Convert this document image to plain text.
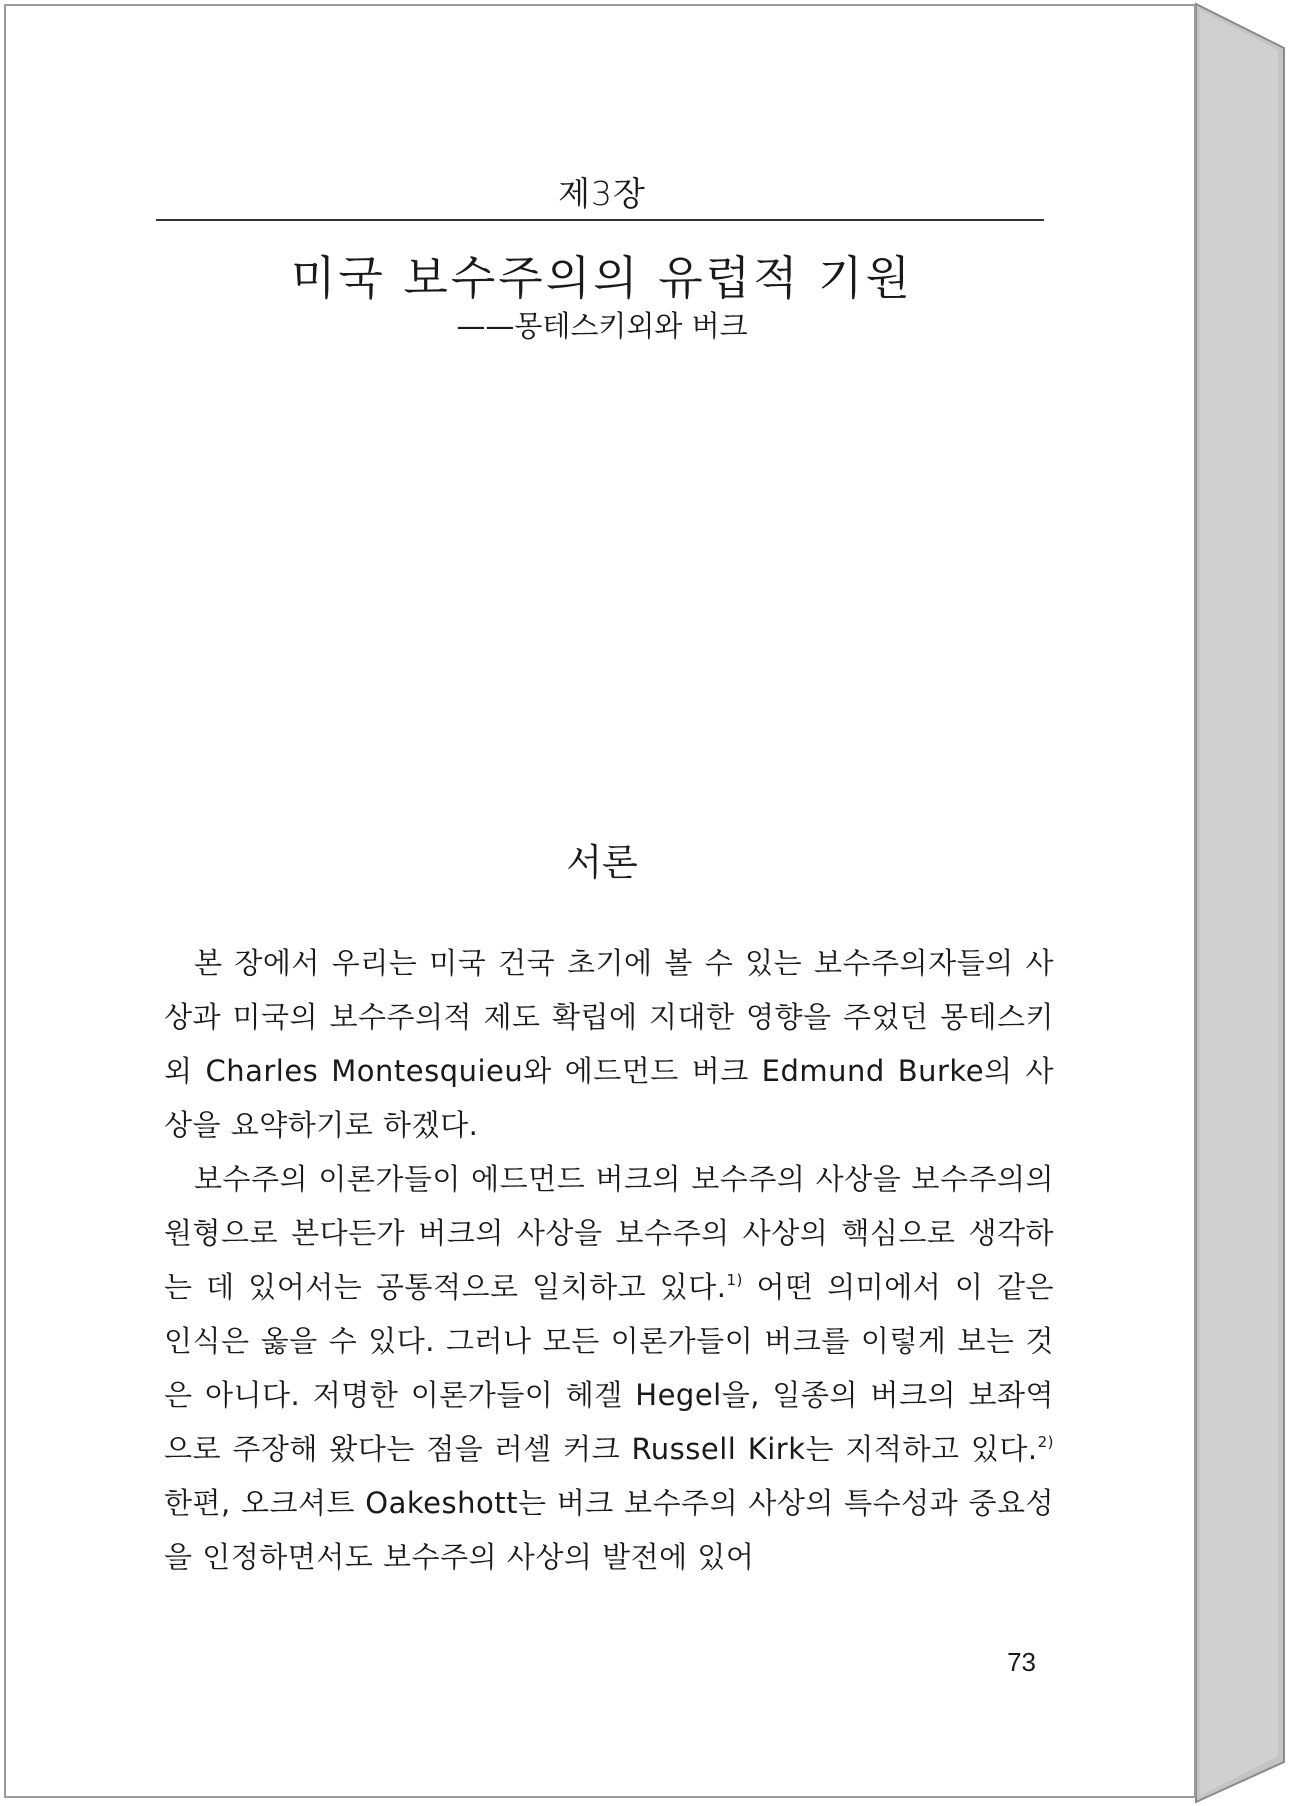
제3장
미국 보수주의의 유럽적 기원
——몽테스키외와 버크
서론

본 장에서 우리는 미국 건국 초기에 볼 수 있는 보수주의자들의 사상과 미국의 보수주의적 제도 확립에 지대한 영향을 주었던 몽테스키외 Charles Montesquieu와 에드먼드 버크 Edmund Burke의 사상을 요약하기로 하겠다.

보수주의 이론가들이 에드먼드 버크의 보수주의 사상을 보수주의의 원형으로 본다든가 버크의 사상을 보수주의 사상의 핵심으로 생각하는 데 있어서는 공통적으로 일치하고 있다.$^{1)}$ 어떤 의미에서 이 같은 인식은 옳을 수 있다. 그러나 모든 이론가들이 버크를 이렇게 보는 것은 아니다. 저명한 이론가들이 헤겔 Hegel을, 일종의 버크의 보좌역으로 주장해 왔다는 점을 러셀 커크 Russell Kirk는 지적하고 있다.$^{2)}$ 한편, 오크셔트 Oakeshott는 버크 보수주의 사상의 특수성과 중요성을 인정하면서도 보수주의 사상의 발전에 있어

73
